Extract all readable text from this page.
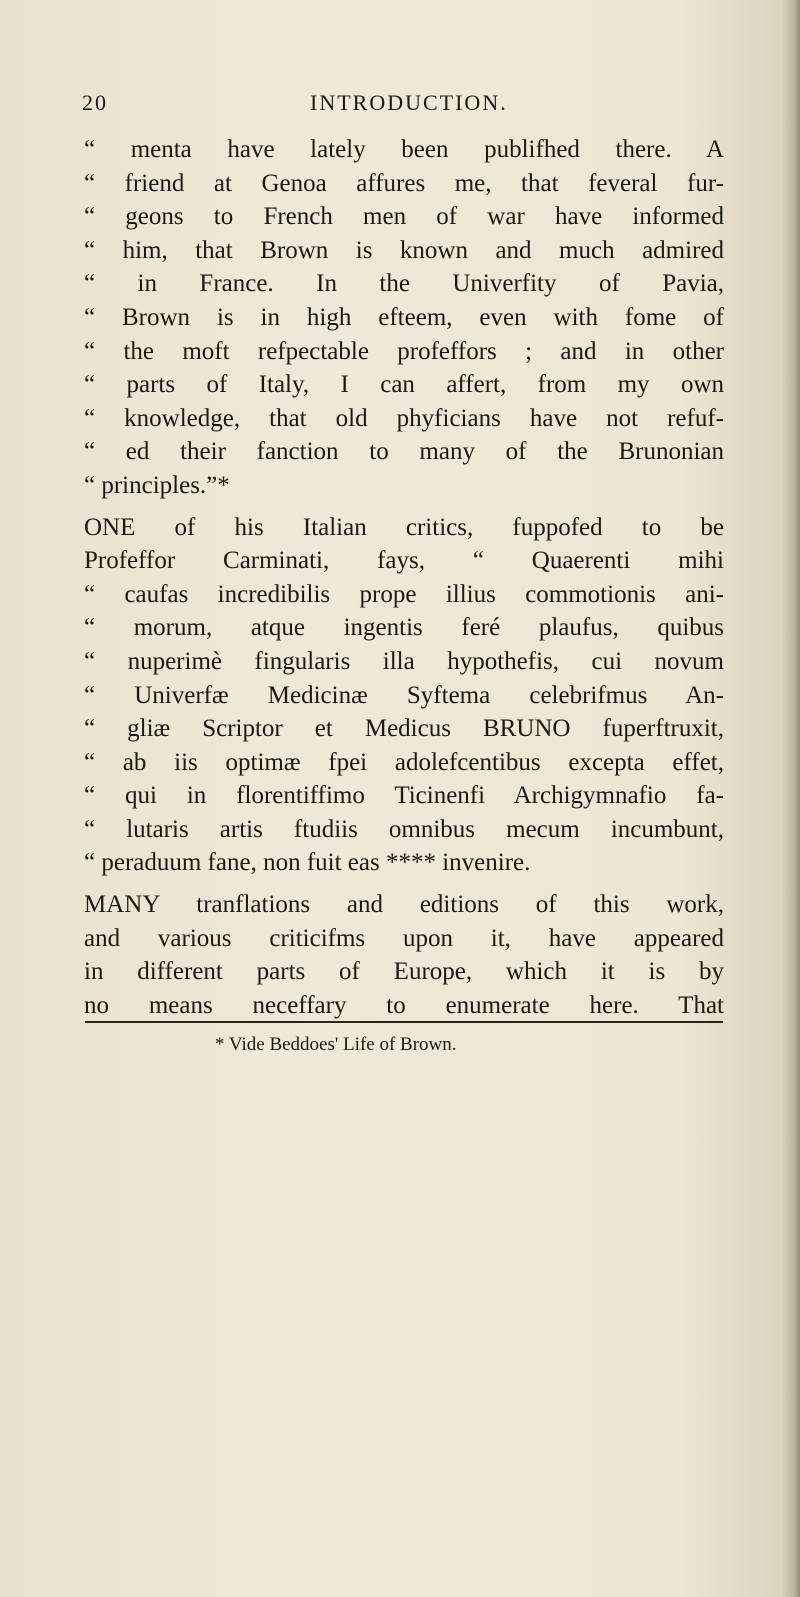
20	INTRODUCTION.
“ menta have lately been publifhed there. A
“ friend at Genoa affures me, that feveral fur-
“ geons to French men of war have informed
“ him, that Brown is known and much admired
“ in France. In the Univerfity of Pavia,
“ Brown is in high efteem, even with fome of
“ the moft refpectable profeffors ; and in other
“ parts of Italy, I can affert, from my own
“ knowledge, that old phyficians have not refuf-
“ ed their fanction to many of the Brunonian
“ principles.”*
ONE of his Italian critics, fuppofed to be
Profeffor Carminati, fays, “ Quaerenti mihi
“ caufas incredibilis prope illius commotionis ani-
“ morum, atque ingentis feré plaufus, quibus
“ nuperimè fingularis illa hypothefis, cui novum
“ Univerfæ Medicinæ Syftema celebrifmus An-
“ gliæ Scriptor et Medicus BRUNO fuperftruxit,
“ ab iis optimæ fpei adolefcentibus excepta effet,
“ qui in florentiffimo Ticinenfi Archigymnafio fa-
“ lutaris artis ftudiis omnibus mecum incumbunt,
“ peraduum fane, non fuit eas **** invenire.
MANY tranflations and editions of this work,
and various criticifms upon it, have appeared
in different parts of Europe, which it is by
no means neceffary to enumerate here. That
* Vide Beddoes' Life of Brown.
